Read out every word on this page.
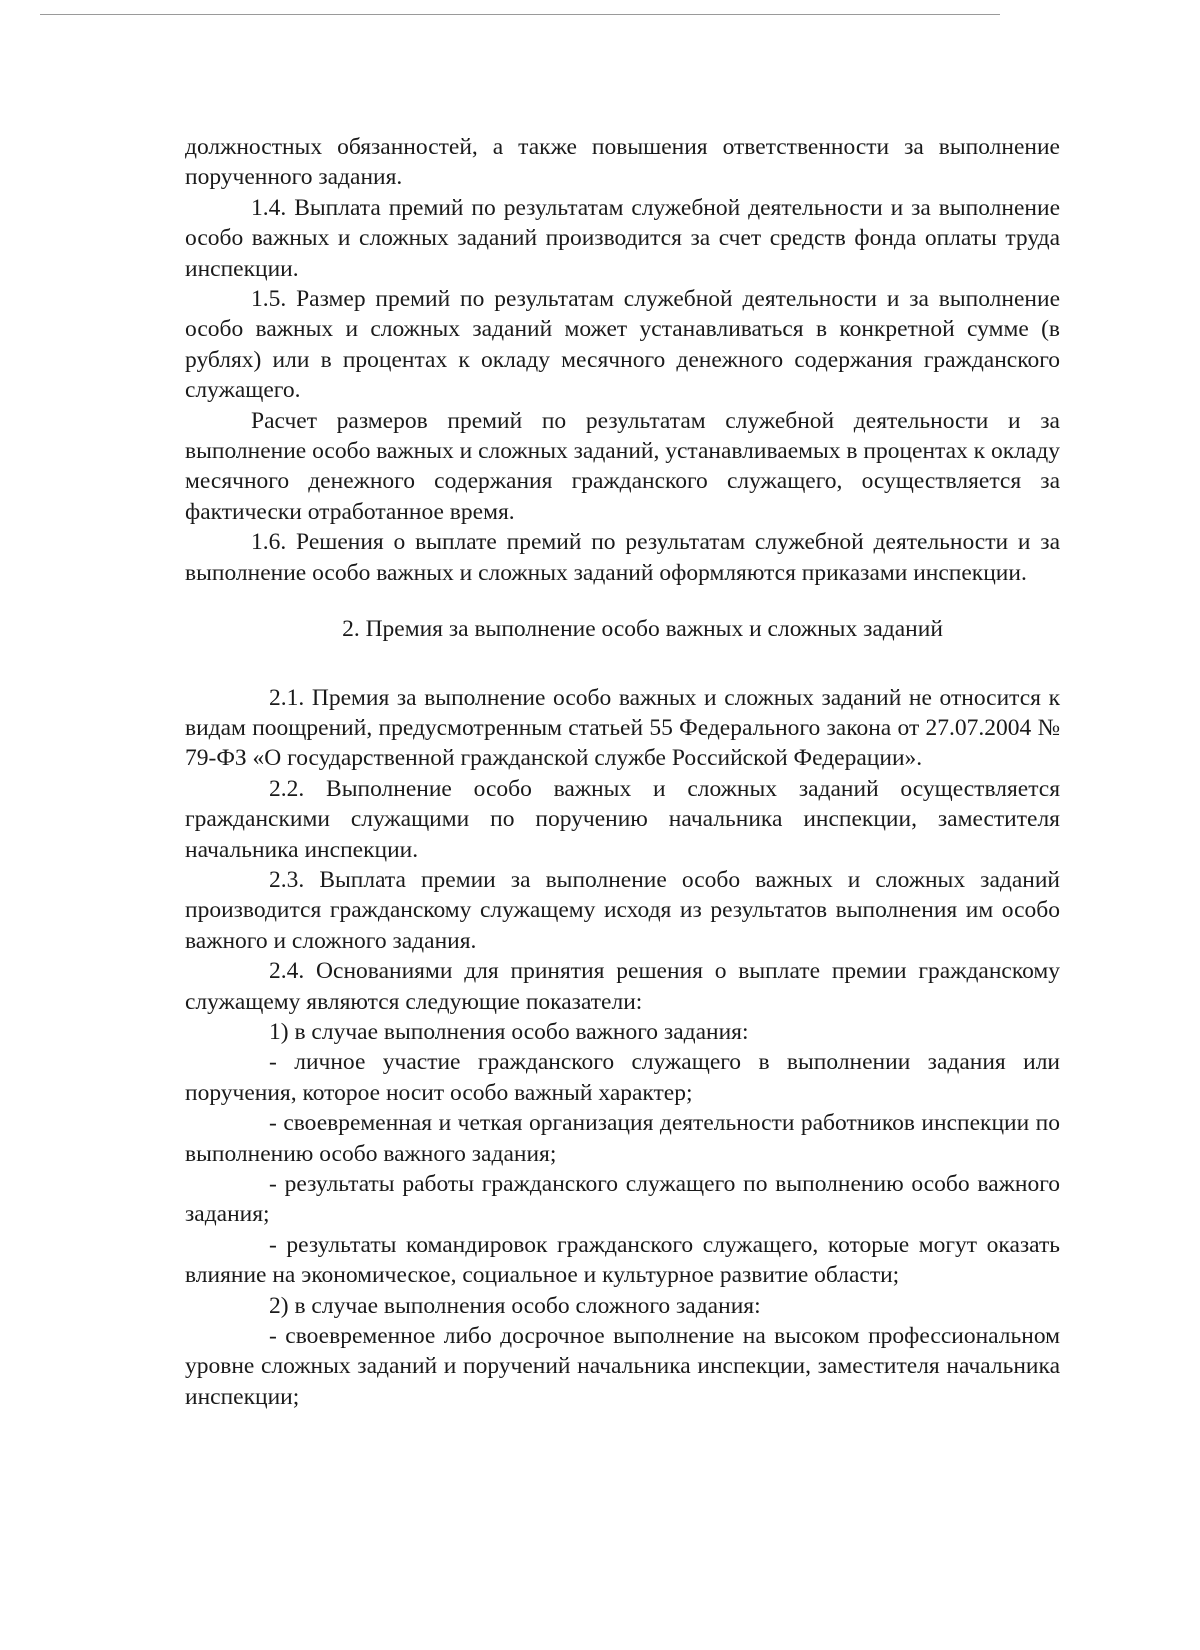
должностных обязанностей, а также повышения ответственности за выполнение порученного задания.

1.4. Выплата премий по результатам служебной деятельности и за выполнение особо важных и сложных заданий производится за счет средств фонда оплаты труда инспекции.

1.5. Размер премий по результатам служебной деятельности и за выполнение особо важных и сложных заданий может устанавливаться в конкретной сумме (в рублях) или в процентах к окладу месячного денежного содержания гражданского служащего.

Расчет размеров премий по результатам служебной деятельности и за выполнение особо важных и сложных заданий, устанавливаемых в процентах к окладу месячного денежного содержания гражданского служащего, осуществляется за фактически отработанное время.

1.6. Решения о выплате премий по результатам служебной деятельности и за выполнение особо важных и сложных заданий оформляются приказами инспекции.

2. Премия за выполнение особо важных и сложных заданий

2.1. Премия за выполнение особо важных и сложных заданий не относится к видам поощрений, предусмотренным статьей 55 Федерального закона от 27.07.2004 № 79-ФЗ «О государственной гражданской службе Российской Федерации».

2.2. Выполнение особо важных и сложных заданий осуществляется гражданскими служащими по поручению начальника инспекции, заместителя начальника инспекции.

2.3. Выплата премии за выполнение особо важных и сложных заданий производится гражданскому служащему исходя из результатов выполнения им особо важного и сложного задания.

2.4. Основаниями для принятия решения о выплате премии гражданскому служащему являются следующие показатели:

1) в случае выполнения особо важного задания:

- личное участие гражданского служащего в выполнении задания или поручения, которое носит особо важный характер;

- своевременная и четкая организация деятельности работников инспекции по выполнению особо важного задания;

- результаты работы гражданского служащего по выполнению особо важного задания;

- результаты командировок гражданского служащего, которые могут оказать влияние на экономическое, социальное и культурное развитие области;

2) в случае выполнения особо сложного задания:

- своевременное либо досрочное выполнение на высоком профессиональном уровне сложных заданий и поручений начальника инспекции, заместителя начальника инспекции;
